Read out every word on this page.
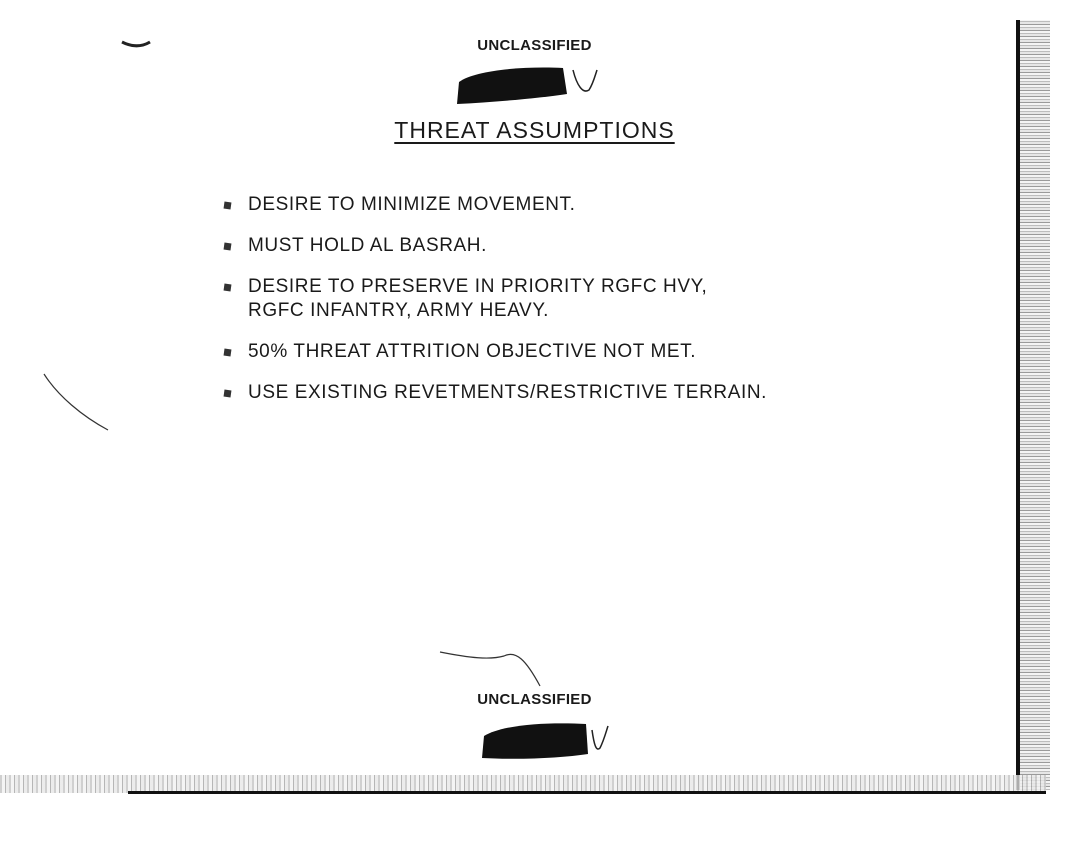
UNCLASSIFIED
THREAT ASSUMPTIONS
DESIRE TO MINIMIZE MOVEMENT.
MUST HOLD AL BASRAH.
DESIRE TO PRESERVE IN PRIORITY RGFC HVY,
RGFC INFANTRY, ARMY HEAVY.
50% THREAT ATTRITION OBJECTIVE NOT MET.
USE EXISTING REVETMENTS/RESTRICTIVE TERRAIN.
UNCLASSIFIED
